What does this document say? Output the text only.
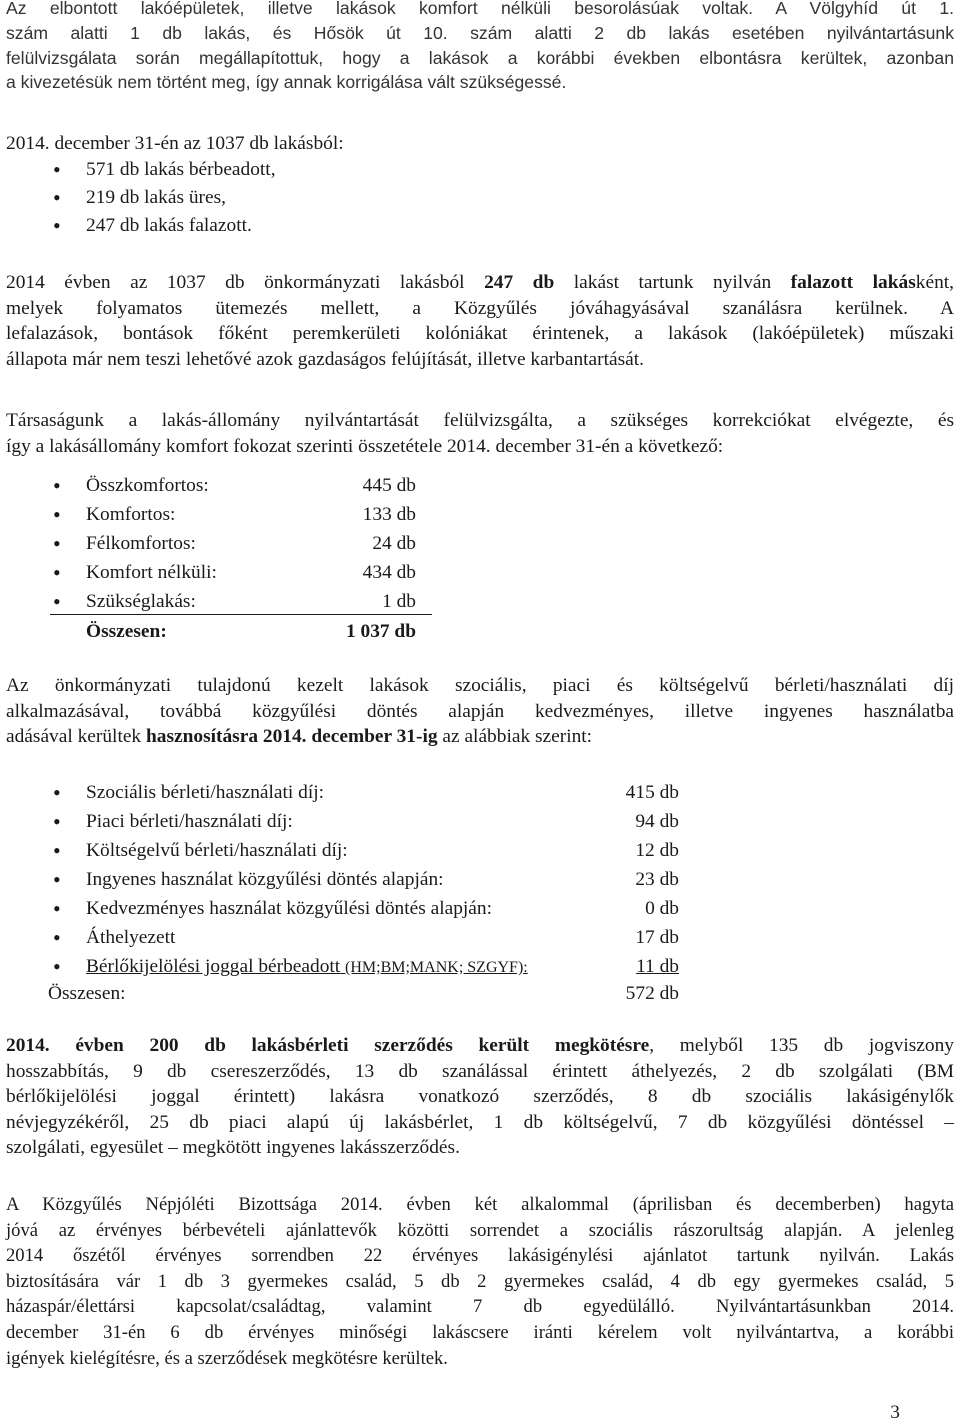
Az elbontott lakóépületek, illetve lakások komfort nélküli besorolásúak voltak. A Völgyhíd út 1.
szám alatti 1 db lakás, és Hősök út 10. szám alatti 2 db lakás esetében nyilvántartásunk
felülvizsgálata során megállapítottuk, hogy a lakások a korábbi években elbontásra kerültek, azonban
a kivezetésük nem történt meg, így annak korrigálása vált szükségessé.
2014. december 31-én az 1037 db lakásból:
• 571 db lakás bérbeadott,
• 219 db lakás üres,
• 247 db lakás falazott.
2014 évben az 1037 db önkormányzati lakásból 247 db lakást tartunk nyilván falazott lakásként,
melyek folyamatos ütemezés mellett, a Közgyűlés jóváhagyásával szanálásra kerülnek. A
lefalazások, bontások főként peremkerületi kolóniákat érintenek, a lakások (lakóépületek) műszaki
állapota már nem teszi lehetővé azok gazdaságos felújítását, illetve karbantartását.
Társaságunk a lakás-állomány nyilvántartását felülvizsgálta, a szükséges korrekciókat elvégezte, és
így a lakásállomány komfort fokozat szerinti összetétele 2014. december 31-én a következő:
• Összkomfortos:	445 db
• Komfortos:	133 db
• Félkomfortos:	24 db
• Komfort nélküli:	434 db
• Szükséglakás:	1 db
Összesen:	1 037 db
Az önkormányzati tulajdonú kezelt lakások szociális, piaci és költségelvű bérleti/használati díj
alkalmazásával, továbbá közgyűlési döntés alapján kedvezményes, illetve ingyenes használatba
adásával kerültek hasznosításra 2014. december 31-ig az alábbiak szerint:
• Szociális bérleti/használati díj:	415 db
• Piaci bérleti/használati díj:	94 db
• Költségelvű bérleti/használati díj:	12 db
• Ingyenes használat közgyűlési döntés alapján:	23 db
• Kedvezményes használat közgyűlési döntés alapján:	0 db
• Áthelyezett	17 db
• Bérlőkijelölési joggal bérbeadott (HM;BM;MANK; SZGYF):	11 db
Összesen:	572 db
2014. évben 200 db lakásbérleti szerződés került megkötésre, melyből 135 db jogviszony
hosszabbítás, 9 db csereszerződés, 13 db szanálással érintett áthelyezés, 2 db szolgálati (BM
bérlőkijelölési joggal érintett) lakásra vonatkozó szerződés, 8 db szociális lakásigénylők
névjegyzékéről, 25 db piaci alapú új lakásbérlet, 1 db költségelvű, 7 db közgyűlési döntéssel –
szolgálati, egyesület – megkötött ingyenes lakásszerződés.
A Közgyűlés Népjóléti Bizottsága 2014. évben két alkalommal (áprilisban és decemberben) hagyta
jóvá az érvényes bérbevételi ajánlattevők közötti sorrendet a szociális rászorultság alapján. A jelenleg
2014 őszétől érvényes sorrendben 22 érvényes lakásigénylési ajánlatot tartunk nyilván. Lakás
biztosítására vár 1 db 3 gyermekes család, 5 db 2 gyermekes család, 4 db egy gyermekes család, 5
házaspár/élettársi kapcsolat/családtag, valamint 7 db egyedülálló. Nyilvántartásunkban 2014.
december 31-én 6 db érvényes minőségi lakáscsere iránti kérelem volt nyilvántartva, a korábbi
igények kielégítésre, és a szerződések megkötésre kerültek.
3
